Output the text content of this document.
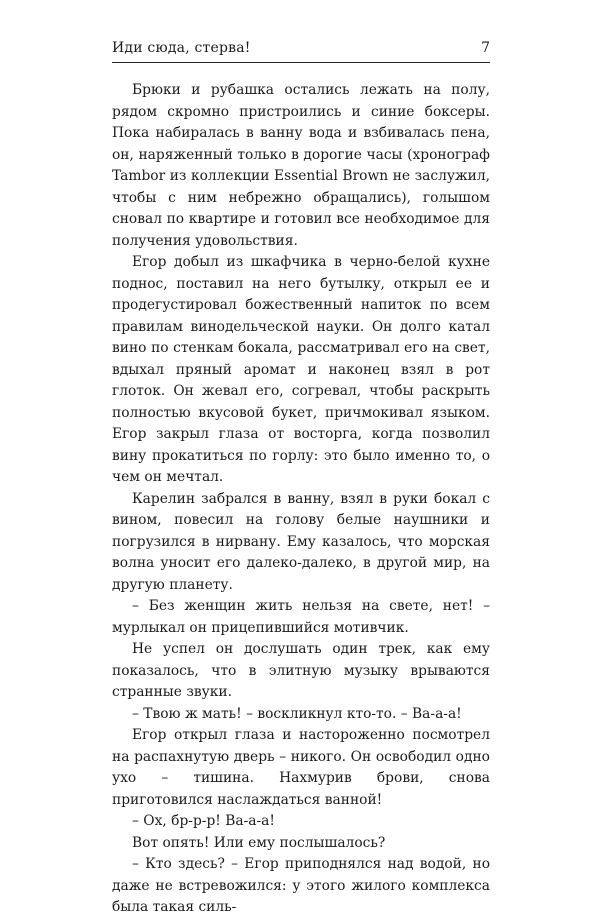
Иди сюда, стерва!	7

Брюки и рубашка остались лежать на полу, рядом скромно пристроились и синие боксеры. Пока набиралась в ванну вода и взбивалась пена, он, наряженный только в дорогие часы (хронограф Tambor из коллекции Essential Brown не заслужил, чтобы с ним небрежно обращались), голышом сновал по квартире и готовил все необходимое для получения удовольствия.

Егор добыл из шкафчика в черно-белой кухне поднос, поставил на него бутылку, открыл ее и продегустировал божественный напиток по всем правилам винодельческой науки. Он долго катал вино по стенкам бокала, рассматривал его на свет, вдыхал пряный аромат и наконец взял в рот глоток. Он жевал его, согревал, чтобы раскрыть полностью вкусовой букет, причмокивал языком. Егор закрыл глаза от восторга, когда позволил вину прокатиться по горлу: это было именно то, о чем он мечтал.

Карелин забрался в ванну, взял в руки бокал с вином, повесил на голову белые наушники и погрузился в нирвану. Ему казалось, что морская волна уносит его далеко-далеко, в другой мир, на другую планету.

– Без женщин жить нельзя на свете, нет! – мурлыкал он прицепившийся мотивчик.

Не успел он дослушать один трек, как ему показалось, что в элитную музыку врываются странные звуки.

– Твою ж мать! – воскликнул кто-то. – Ва-а-а!

Егор открыл глаза и настороженно посмотрел на распахнутую дверь – никого. Он освободил одно ухо – тишина. Нахмурив брови, снова приготовился наслаждаться ванной!

– Ох, бр-р-р! Ва-а-а!

Вот опять! Или ему послышалось?

– Кто здесь? – Егор приподнялся над водой, но даже не встревожился: у этого жилого комплекса была такая силь-
